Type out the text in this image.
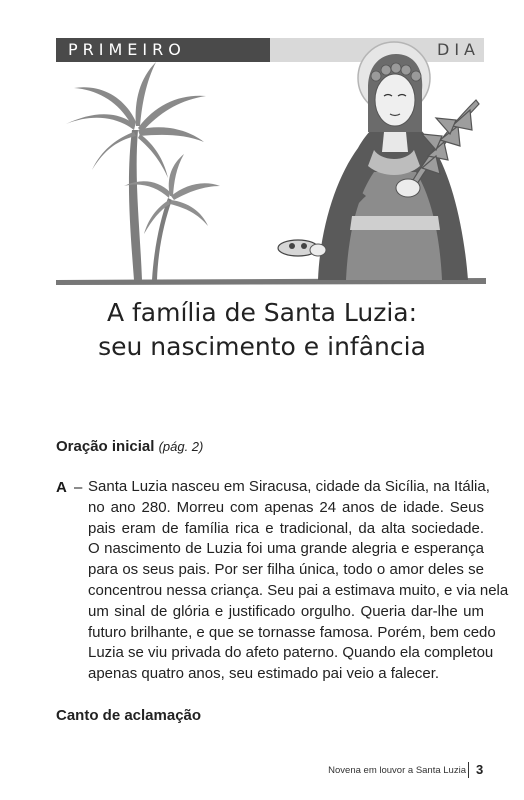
PRIMEIRO	DIA
A família de Santa Luzia:
seu nascimento e infância
Oração inicial (pág. 2)
A – Santa Luzia nasceu em Siracusa, cidade da Sicília, na Itália,
no ano 280. Morreu com apenas 24 anos de idade. Seus
pais eram de família rica e tradicional, da alta sociedade.
O nascimento de Luzia foi uma grande alegria e esperança
para os seus pais. Por ser filha única, todo o amor deles se
concentrou nessa criança. Seu pai a estimava muito, e via nela
um sinal de glória e justificado orgulho. Queria dar-lhe um
futuro brilhante, e que se tornasse famosa. Porém, bem cedo
Luzia se viu privada do afeto paterno. Quando ela completou
apenas quatro anos, seu estimado pai veio a falecer.
Canto de aclamação
Novena em louvor a Santa Luzia 3
